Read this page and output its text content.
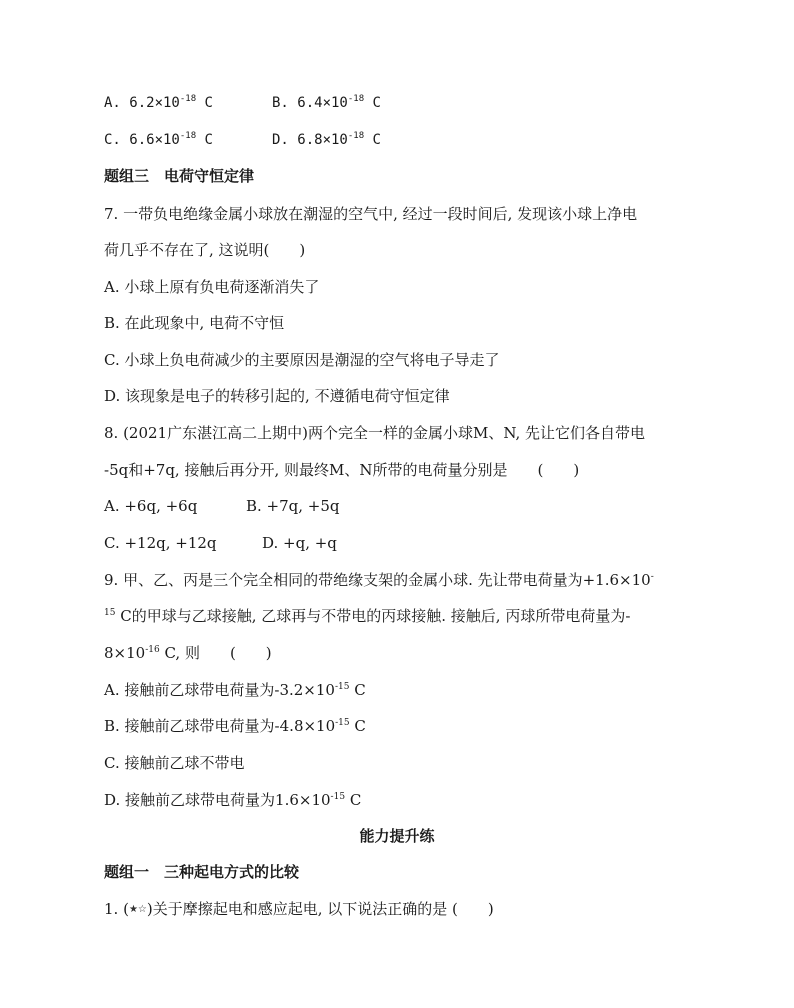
A. $6.2\times 10^{-18}$ C	B. $6.4\times 10^{-18}$ C
C. $6.6\times 10^{-18}$ C	D. $6.8\times 10^{-18}$ C
题组三　电荷守恒定律
7. 一带负电绝缘金属小球放在潮湿的空气中, 经过一段时间后, 发现该小球上净电
荷几乎不存在了, 这说明(　　)
A. 小球上原有负电荷逐渐消失了
B. 在此现象中, 电荷不守恒
C. 小球上负电荷减少的主要原因是潮湿的空气将电子导走了
D. 该现象是电子的转移引起的, 不遵循电荷守恒定律
8. (2021广东湛江高二上期中)两个完全一样的金属小球M、N, 先让它们各自带电
-5q和+7q, 接触后再分开, 则最终M、N所带的电荷量分别是　　(　　)
A. +6q, +6q	B. +7q, +5q
C. +12q, +12q	D. +q, +q
9. 甲、乙、丙是三个完全相同的带绝缘支架的金属小球. 先让带电荷量为+1.6×10-
$^{15}$ C的甲球与乙球接触, 乙球再与不带电的丙球接触. 接触后, 丙球所带电荷量为-
$8\times 10^{-16}$ C, 则　　(　　)
A. 接触前乙球带电荷量为$-3.2\times 10^{-15}$ C
B. 接触前乙球带电荷量为$-4.8\times 10^{-15}$ C
C. 接触前乙球不带电
D. 接触前乙球带电荷量为$1.6\times 10^{-15}$ C
能力提升练
题组一　三种起电方式的比较
1. (★☆)关于摩擦起电和感应起电, 以下说法正确的是 (　　)
